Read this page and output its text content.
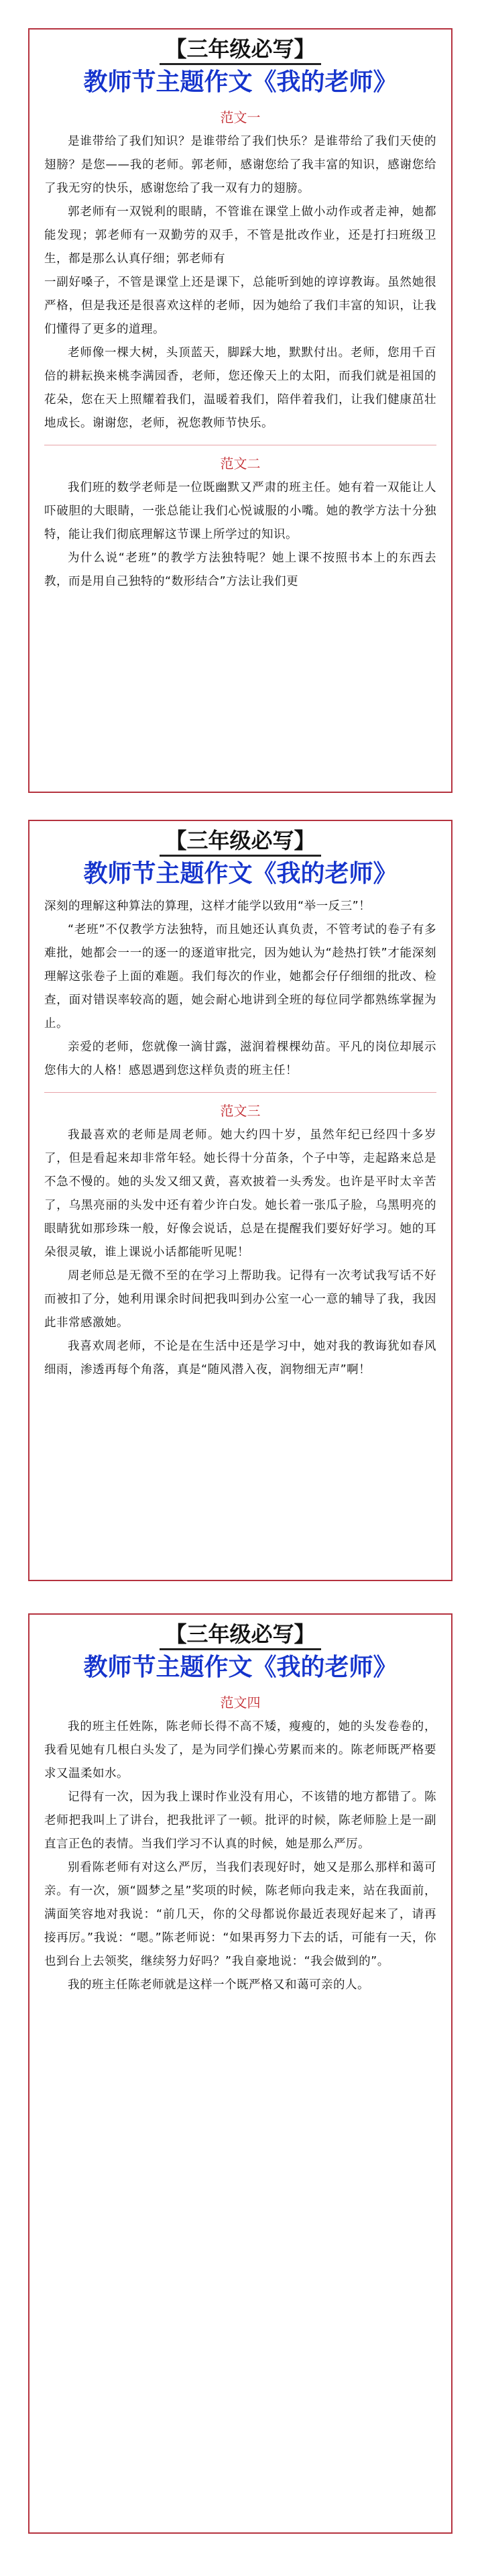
【三年级必写】
教师节主题作文《我的老师》
范文一

是谁带给了我们知识？是谁带给了我们快乐？是谁带给了我们天使的翅膀？是您——我的老师。郭老师，感谢您给了我丰富的知识，感谢您给了我无穷的快乐，感谢您给了我一双有力的翅膀。

郭老师有一双锐利的眼睛，不管谁在课堂上做小动作或者走神，她都能发现；郭老师有一双勤劳的双手，不管是批改作业，还是打扫班级卫生，都是那么认真仔细；郭老师有

一副好嗓子，不管是课堂上还是课下，总能听到她的谆谆教诲。虽然她很严格，但是我还是很喜欢这样的老师，因为她给了我们丰富的知识，让我们懂得了更多的道理。

老师像一棵大树，头顶蓝天，脚踩大地，默默付出。老师，您用千百倍的耕耘换来桃李满园香，老师，您还像天上的太阳，而我们就是祖国的花朵，您在天上照耀着我们，温暖着我们，陪伴着我们，让我们健康茁壮地成长。谢谢您，老师，祝您教师节快乐。

范文二

我们班的数学老师是一位既幽默又严肃的班主任。她有着一双能让人吓破胆的大眼睛，一张总能让我们心悦诚服的小嘴。她的教学方法十分独特，能让我们彻底理解这节课上所学过的知识。

为什么说“老班”的教学方法独特呢？她上课不按照书本上的东西去教，而是用自己独特的“数形结合”方法让我们更

【三年级必写】
教师节主题作文《我的老师》

深刻的理解这种算法的算理，这样才能学以致用“举一反三”！

“老班”不仅教学方法独特，而且她还认真负责，不管考试的卷子有多难批，她都会一一的逐一的逐道审批完，因为她认为“趁热打铁”才能深刻理解这张卷子上面的难题。我们每次的作业，她都会仔仔细细的批改、检查，面对错误率较高的题，她会耐心地讲到全班的每位同学都熟练掌握为止。

亲爱的老师，您就像一滴甘露，滋润着棵棵幼苗。平凡的岗位却展示您伟大的人格！感恩遇到您这样负责的班主任！

范文三

我最喜欢的老师是周老师。她大约四十岁，虽然年纪已经四十多岁了，但是看起来却非常年轻。她长得十分苗条，个子中等，走起路来总是不急不慢的。她的头发又细又黄，喜欢披着一头秀发。也许是平时太辛苦了，乌黑亮丽的头发中还有着少许白发。她长着一张瓜子脸，乌黑明亮的眼睛犹如那珍珠一般，好像会说话，总是在提醒我们要好好学习。她的耳朵很灵敏，谁上课说小话都能听见呢！

周老师总是无微不至的在学习上帮助我。记得有一次考试我写话不好而被扣了分，她利用课余时间把我叫到办公室一心一意的辅导了我，我因此非常感激她。

我喜欢周老师，不论是在生活中还是学习中，她对我的教诲犹如春风细雨，渗透再每个角落，真是“随风潜入夜，润物细无声”啊！

【三年级必写】
教师节主题作文《我的老师》
范文四

我的班主任姓陈，陈老师长得不高不矮，瘦瘦的，她的头发卷卷的，我看见她有几根白头发了，是为同学们操心劳累而来的。陈老师既严格要求又温柔如水。

记得有一次，因为我上课时作业没有用心，不该错的地方都错了。陈老师把我叫上了讲台，把我批评了一顿。批评的时候，陈老师脸上是一副直言正色的表情。当我们学习不认真的时候，她是那么严厉。

别看陈老师有对这么严厉，当我们表现好时，她又是那么那样和蔼可亲。有一次，颁“圆梦之星”奖项的时候，陈老师向我走来，站在我面前，满面笑容地对我说：“前几天，你的父母都说你最近表现好起来了，请再接再厉。”我说：“嗯。”陈老师说：“如果再努力下去的话，可能有一天，你也到台上去领奖，继续努力好吗？”我自豪地说：“我会做到的”。

我的班主任陈老师就是这样一个既严格又和蔼可亲的人。
